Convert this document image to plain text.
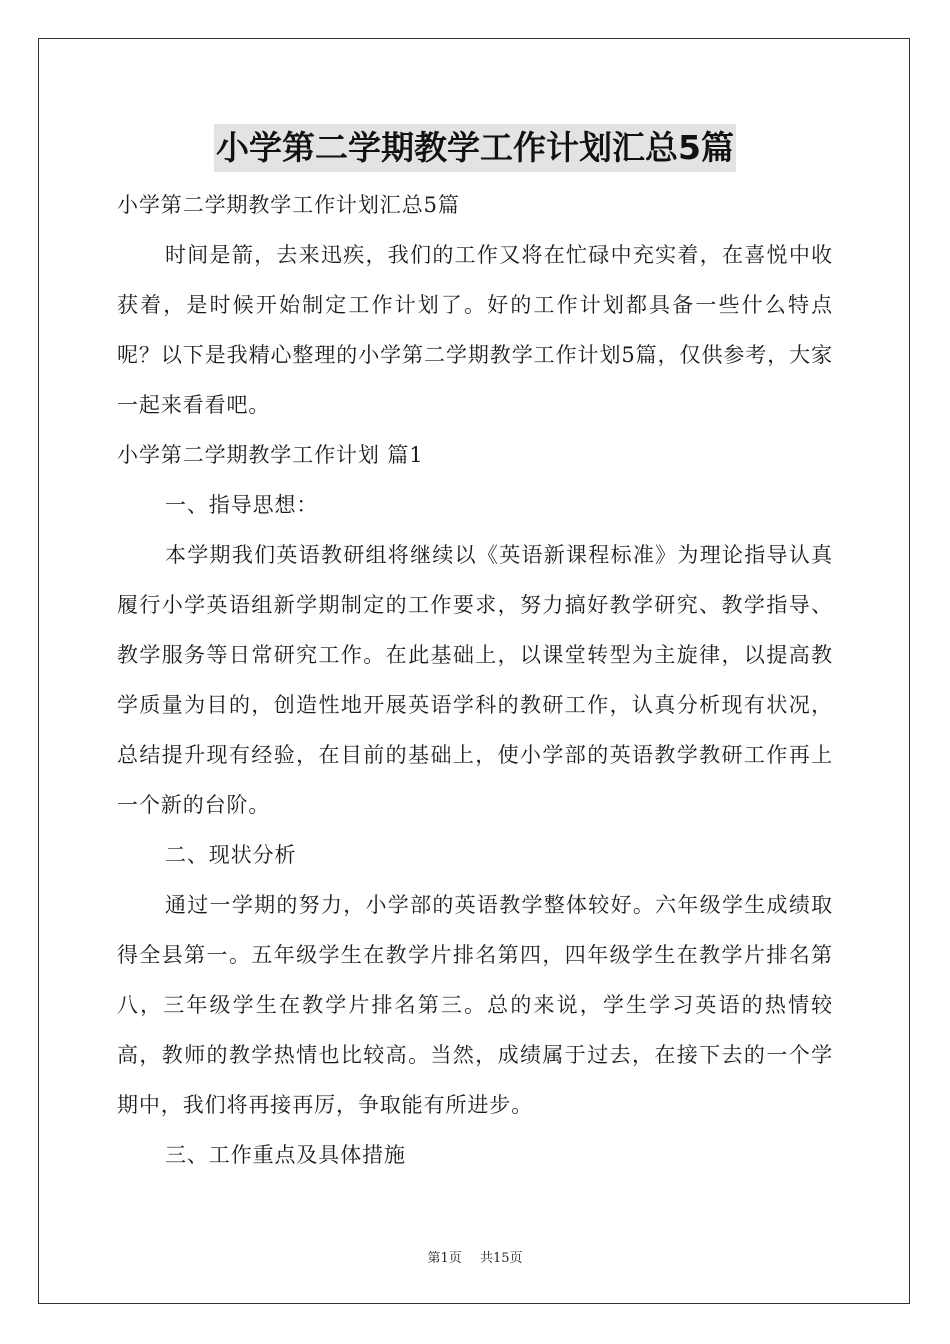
小学第二学期教学工作计划汇总5篇

小学第二学期教学工作计划汇总5篇

时间是箭，去来迅疾，我们的工作又将在忙碌中充实着，在喜悦中收获着，是时候开始制定工作计划了。好的工作计划都具备一些什么特点呢？以下是我精心整理的小学第二学期教学工作计划5篇，仅供参考，大家一起来看看吧。

小学第二学期教学工作计划 篇1

一、指导思想：

本学期我们英语教研组将继续以《英语新课程标准》为理论指导认真履行小学英语组新学期制定的工作要求，努力搞好教学研究、教学指导、教学服务等日常研究工作。在此基础上，以课堂转型为主旋律，以提高教学质量为目的，创造性地开展英语学科的教研工作，认真分析现有状况，总结提升现有经验，在目前的基础上，使小学部的英语教学教研工作再上一个新的台阶。

二、现状分析

通过一学期的努力，小学部的英语教学整体较好。六年级学生成绩取得全县第一。五年级学生在教学片排名第四，四年级学生在教学片排名第八，三年级学生在教学片排名第三。总的来说，学生学习英语的热情较高，教师的教学热情也比较高。当然，成绩属于过去，在接下去的一个学期中，我们将再接再厉，争取能有所进步。

三、工作重点及具体措施

第1页 共15页
